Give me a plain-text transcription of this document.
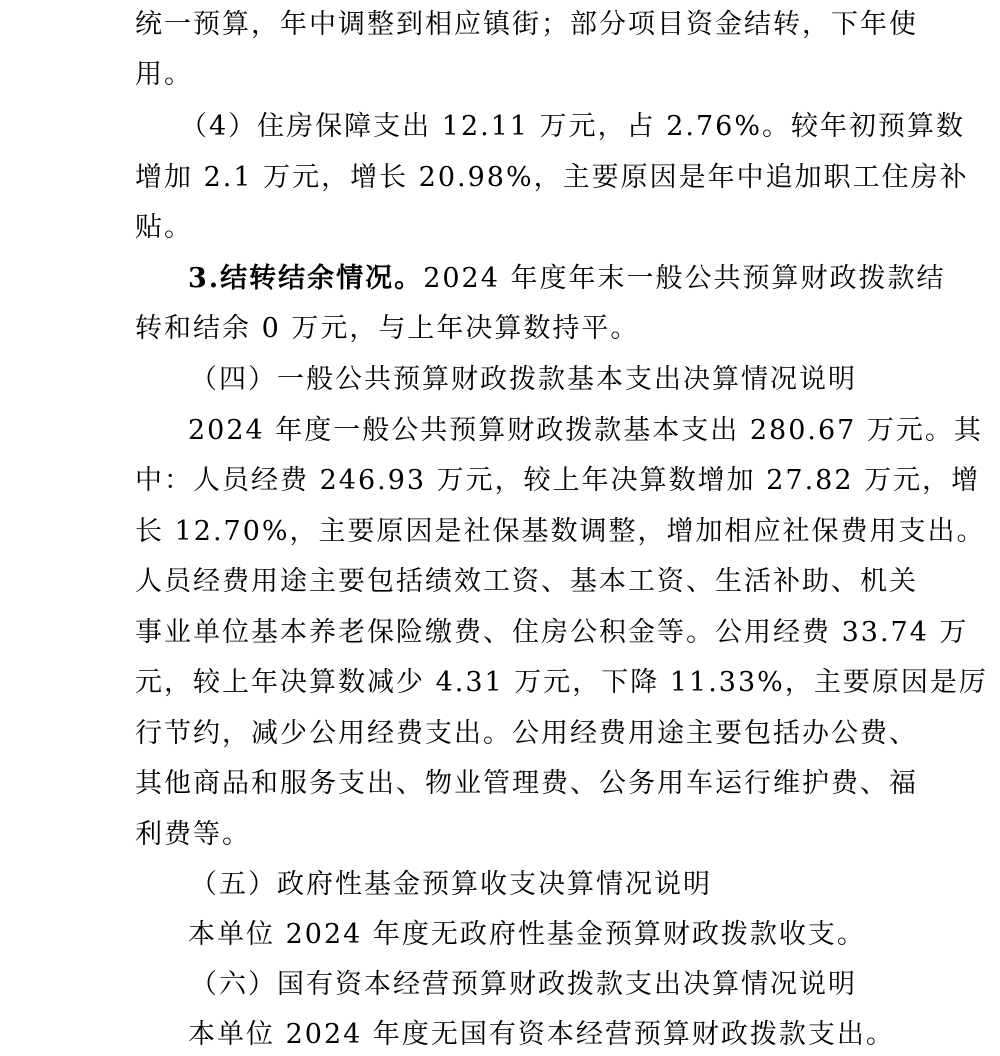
统一预算，年中调整到相应镇街；部分项目资金结转，下年使
用。
（4）住房保障支出 12.11 万元，占 2.76%。较年初预算数
增加 2.1 万元，增长 20.98%，主要原因是年中追加职工住房补
贴。
3.结转结余情况。2024 年度年末一般公共预算财政拨款结
转和结余 0 万元，与上年决算数持平。
（四）一般公共预算财政拨款基本支出决算情况说明
2024 年度一般公共预算财政拨款基本支出 280.67 万元。其
中：人员经费 246.93 万元，较上年决算数增加 27.82 万元，增
长 12.70%，主要原因是社保基数调整，增加相应社保费用支出。
人员经费用途主要包括绩效工资、基本工资、生活补助、机关
事业单位基本养老保险缴费、住房公积金等。公用经费 33.74 万
元，较上年决算数减少 4.31 万元，下降 11.33%，主要原因是厉
行节约，减少公用经费支出。公用经费用途主要包括办公费、
其他商品和服务支出、物业管理费、公务用车运行维护费、福
利费等。
（五）政府性基金预算收支决算情况说明
本单位 2024 年度无政府性基金预算财政拨款收支。
（六）国有资本经营预算财政拨款支出决算情况说明
本单位 2024 年度无国有资本经营预算财政拨款支出。
